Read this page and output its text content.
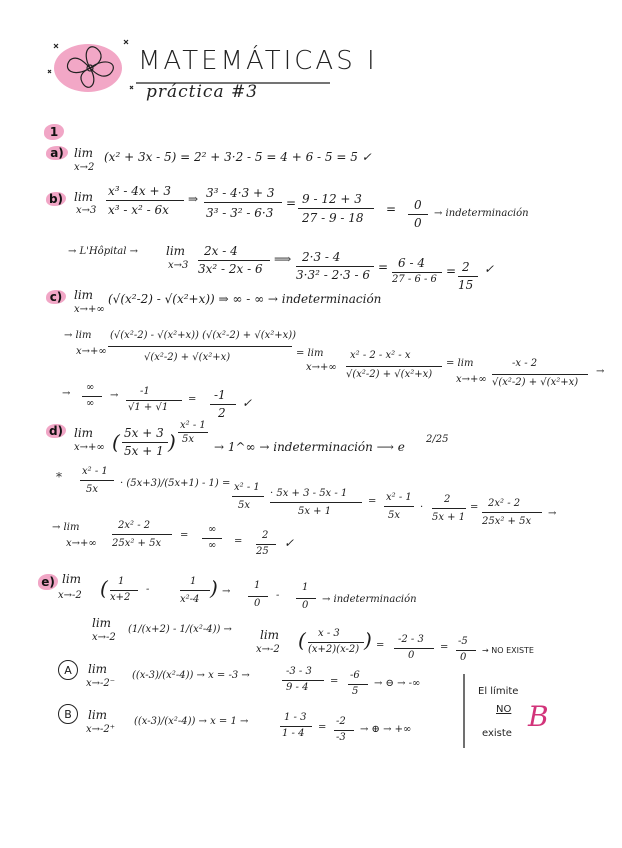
MATEMÁTICAS I
práctica #3
1
a) lim
x→2
(x² + 3x - 5) = 2² + 3·2 - 5 = 4 + 6 - 5 = 5 ✓
b) lim
x→3
x³ - 4x + 3
x³ - x² - 6x
⇒ 3³ - 4·3 + 3
3³ - 3² - 6·3
= 9 - 12 + 3
27 - 9 - 18
= 0
0
→ indeterminación
→ L'Hôpital → lim
x→3
2x - 4
3x² - 2x - 6
⟹ 2·3 - 4
3·3² - 2·3 - 6
= 6 - 4
27 - 6 - 6
= 2
15
✓
c) lim
x→+∞
(√(x²-2) - √(x²+x)) ⇒ ∞ - ∞ → indeterminación
→ lim
x→+∞
(√(x²-2) - √(x²+x)) (√(x²-2) + √(x²+x))
√(x²-2) + √(x²+x)	= lim
x→+∞
x² - 2 - x² - x
√(x²-2) + √(x²+x)
= lim
x→+∞
-x - 2
√(x²-2) + √(x²+x)
→
→
∞
∞
→ -1
√1 + √1
= -1
2
✓
d) lim
x→+∞ ( 5x + 3
5x + 1 )
x² - 1
5x
→ 1^∞ → indeterminación ⟶ e
2/25
* x² - 1
5x
· (5x+3)/(5x+1) - 1) = x² - 1
5x
· 5x + 3 - 5x - 1
5x + 1
= x² - 1
5x
·
2
5x + 1
= 2x² - 2
25x² + 5x
→
→ lim
x→+∞
2x² - 2
25x² + 5x
=
∞
∞ =
2
25
✓
e) lim
x→-2 ( 1
x+2
-
1
x²-4 ) →
1
0
-
1
0
→ indeterminación
lim
x→-2
(1/(x+2) - 1/(x²-4)) → lim
x→-2 ( x - 3
(x+2)(x-2) ) =
-2 - 3
0
=
-5
0
→ NO EXISTE
A	lim
x→-2⁻
((x-3)/(x²-4)) → x = -3 →	-3 - 3
9 - 4
=
-6
5
→ ⊖ → -∞
B	lim
x→-2⁺
((x-3)/(x²-4)) → x = 1 →	1 - 3
1 - 4
=
-2
-3
→ ⊕ → +∞
El límite
NO
existe
B
